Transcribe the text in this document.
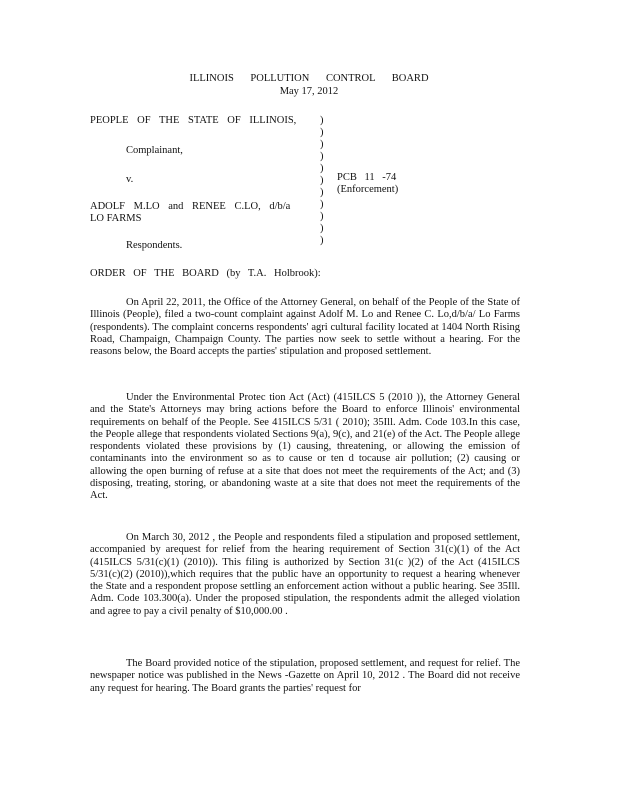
ILLINOIS POLLUTION CONTROL BOARD
May 17, 2012
PEOPLE OF THE STATE OF ILLINOIS,
Complainant,
v.
ADOLF M.LO and RENEE C.LO, d/b/a
LO FARMS
Respondents.
)
)
)
)
)
)
)
)
)
)
)
PCB 11 -74
(Enforcement)
ORDER OF THE BOARD (by T.A. Holbrook):
On April 22, 2011, the Office of the Attorney General, on behalf of the People of the State of Illinois (People), filed a two-count complaint against Adolf M. Lo and Renee C. Lo,d/b/a/ Lo Farms (respondents). The complaint concerns respondents' agri cultural facility located at 1404 North Rising Road, Champaign, Champaign County. The parties now seek to settle without a hearing. For the reasons below, the Board accepts the parties' stipulation and proposed settlement.
Under the Environmental Protec tion Act (Act) (415ILCS 5 (2010 )), the Attorney General and the State's Attorneys may bring actions before the Board to enforce Illinois' environmental requirements on behalf of the People. See 415ILCS 5/31 ( 2010); 35Ill. Adm. Code 103.In this case, the People allege that respondents violated Sections 9(a), 9(c), and 21(e) of the Act. The People allege respondents violated these provisions by (1) causing, threatening, or allowing the emission of contaminants into the environment so as to cause or ten d tocause air pollution; (2) causing or allowing the open burning of refuse at a site that does not meet the requirements of the Act; and (3) disposing, treating, storing, or abandoning waste at a site that does not meet the requirements of the Act.
On March 30, 2012 , the People and respondents filed a stipulation and proposed settlement, accompanied by arequest for relief from the hearing requirement of Section 31(c)(1) of the Act (415ILCS 5/31(c)(1) (2010)). This filing is authorized by Section 31(c )(2) of the Act (415ILCS 5/31(c)(2) (2010)),which requires that the public have an opportunity to request a hearing whenever the State and a respondent propose settling an enforcement action without a public hearing. See 35Ill. Adm. Code 103.300(a). Under the proposed stipulation, the respondents admit the alleged violation and agree to pay a civil penalty of $10,000.00 .
The Board provided notice of the stipulation, proposed settlement, and request for relief. The newspaper notice was published in the News -Gazette on April 10, 2012 . The Board did not receive any request for hearing. The Board grants the parties' request for
